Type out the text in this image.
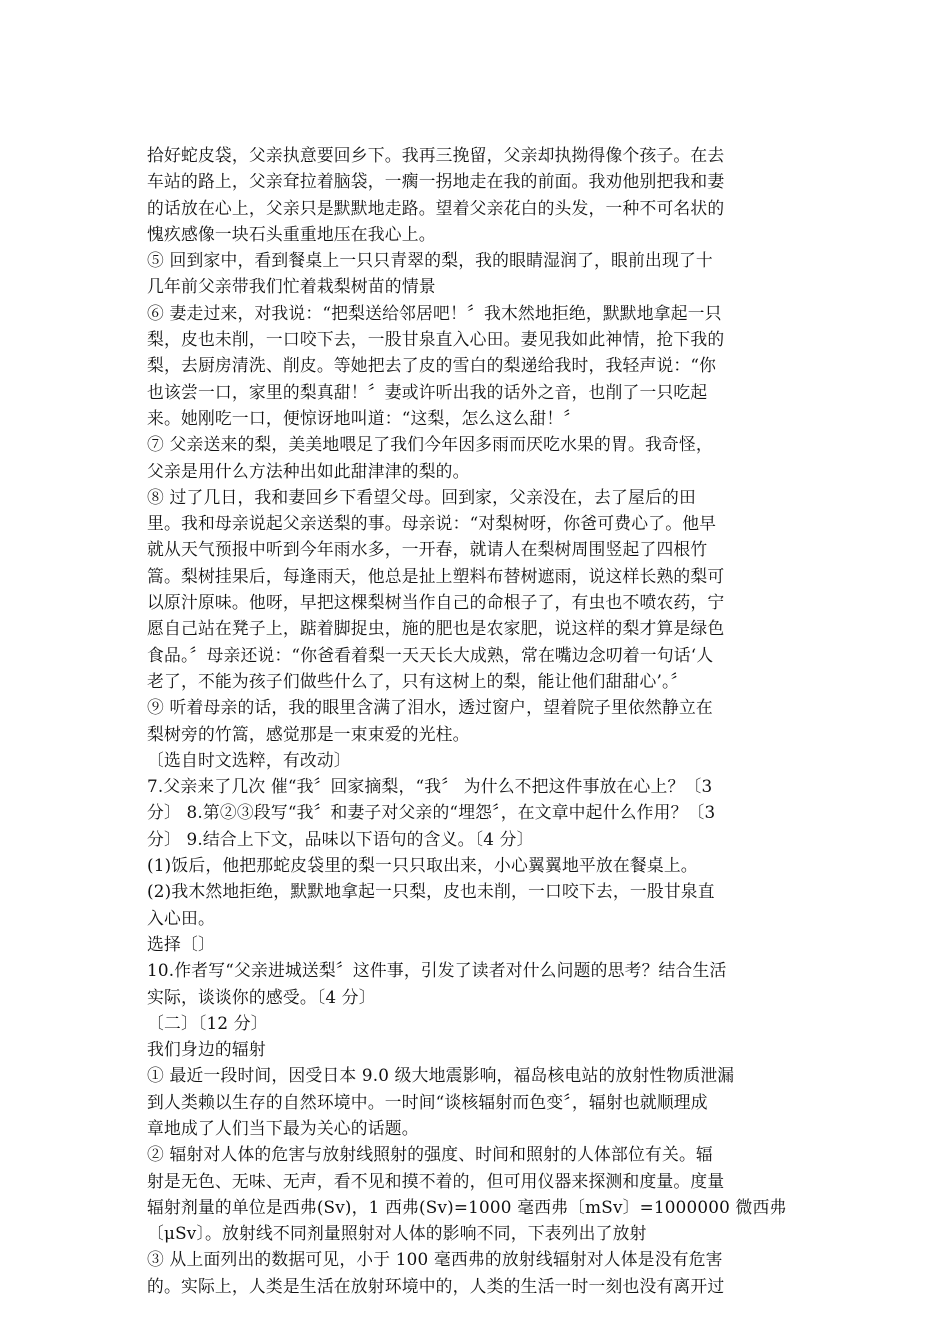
拾好蛇皮袋，父亲执意要回乡下。我再三挽留，父亲却执拗得像个孩子。在去
车站的路上，父亲耷拉着脑袋，一瘸一拐地走在我的前面。我劝他别把我和妻
的话放在心上，父亲只是默默地走路。望着父亲花白的头发，一种不可名状的
愧疚感像一块石头重重地压在我心上。
⑤ 回到家中，看到餐桌上一只只青翠的梨，我的眼睛湿润了，眼前出现了十
几年前父亲带我们忙着栽梨树苗的情景
⑥ 妻走过来，对我说：“把梨送给邻居吧！〞我木然地拒绝，默默地拿起一只
梨，皮也未削，一口咬下去，一股甘泉直入心田。妻见我如此神情，抢下我的
梨，去厨房清洗、削皮。等她把去了皮的雪白的梨递给我时，我轻声说：“你
也该尝一口，家里的梨真甜！〞妻或许听出我的话外之音，也削了一只吃起
来。她刚吃一口，便惊讶地叫道：“这梨，怎么这么甜！〞
⑦ 父亲送来的梨，美美地喂足了我们今年因多雨而厌吃水果的胃。我奇怪，
父亲是用什么方法种出如此甜津津的梨的。
⑧ 过了几日，我和妻回乡下看望父母。回到家，父亲没在，去了屋后的田
里。我和母亲说起父亲送梨的事。母亲说：“对梨树呀，你爸可费心了。他早
就从天气预报中听到今年雨水多，一开春，就请人在梨树周围竖起了四根竹
篙。梨树挂果后，每逢雨天，他总是扯上塑料布替树遮雨，说这样长熟的梨可
以原汁原味。他呀，早把这棵梨树当作自己的命根子了，有虫也不喷农药，宁
愿自己站在凳子上，踮着脚捉虫，施的肥也是农家肥，说这样的梨才算是绿色
食品。〞母亲还说：“你爸看着梨一天天长大成熟，常在嘴边念叨着一句话‘人
老了，不能为孩子们做些什么了，只有这树上的梨，能让他们甜甜心’。〞
⑨ 听着母亲的话，我的眼里含满了泪水，透过窗户，望着院子里依然静立在
梨树旁的竹篙，感觉那是一束束爱的光柱。
〔选自时文选粹，有改动〕
7.父亲来了几次 催“我〞回家摘梨，“我〞 为什么不把这件事放在心上？〔3
分〕 8.第②③段写“我〞和妻子对父亲的“埋怨〞，在文章中起什么作用？〔3
分〕 9.结合上下文，品味以下语句的含义。〔4 分〕
(1)饭后，他把那蛇皮袋里的梨一只只取出来，小心翼翼地平放在餐桌上。
(2)我木然地拒绝，默默地拿起一只梨，皮也未削，一口咬下去，一股甘泉直
入心田。
选择〔〕
10.作者写“父亲进城送梨〞这件事，引发了读者对什么问题的思考？结合生活
实际，谈谈你的感受。〔4 分〕
〔二〕〔12 分〕
我们身边的辐射
① 最近一段时间，因受日本 9.0 级大地震影响，福岛核电站的放射性物质泄漏
到人类赖以生存的自然环境中。一时间“谈核辐射而色变〞，辐射也就顺理成
章地成了人们当下最为关心的话题。
② 辐射对人体的危害与放射线照射的强度、时间和照射的人体部位有关。辐
射是无色、无味、无声，看不见和摸不着的，但可用仪器来探测和度量。度量
辐射剂量的单位是西弗(Sv)，1 西弗(Sv)=1000 毫西弗〔mSv〕=1000000 微西弗
〔μSv〕。放射线不同剂量照射对人体的影响不同，下表列出了放射
③ 从上面列出的数据可见，小于 100 毫西弗的放射线辐射对人体是没有危害
的。实际上，人类是生活在放射环境中的，人类的生活一时一刻也没有离开过
